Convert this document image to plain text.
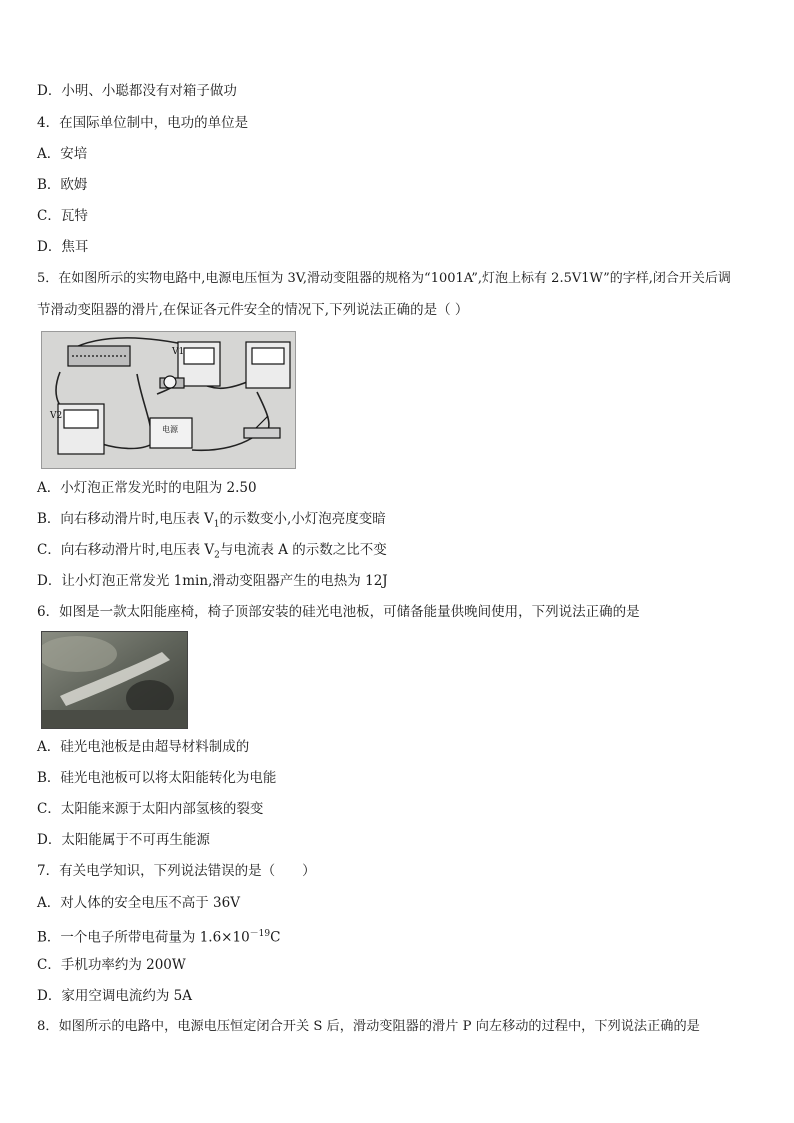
D．小明、小聪都没有对箱子做功
4．在国际单位制中，电功的单位是
A．安培
B．欧姆
C．瓦特
D．焦耳
5．在如图所示的实物电路中,电源电压恒为 3V,滑动变阻器的规格为“1001A”,灯泡上标有 2.5V1W”的字样,闭合开关后调
节滑动变阻器的滑片,在保证各元件安全的情况下,下列说法正确的是（ ）
V1
V2
电源
A．小灯泡正常发光时的电阻为 2.50
B．向右移动滑片时,电压表 $V_1$的示数变小,小灯泡亮度变暗
C．向右移动滑片时,电压表 $V_2$与电流表 A 的示数之比不变
D．让小灯泡正常发光 1min,滑动变阻器产生的电热为 12J
6．如图是一款太阳能座椅，椅子顶部安装的硅光电池板，可储备能量供晚间使用，下列说法正确的是
A．硅光电池板是由超导材料制成的
B．硅光电池板可以将太阳能转化为电能
C．太阳能来源于太阳内部氢核的裂变
D．太阳能属于不可再生能源
7．有关电学知识，下列说法错误的是（　　）
A．对人体的安全电压不高于 36V
B．一个电子所带电荷量为 $1.6\times 10^{-19}C$
C．手机功率约为 200W
D．家用空调电流约为 5A
8．如图所示的电路中，电源电压恒定闭合开关 S 后，滑动变阻器的滑片 P 向左移动的过程中，下列说法正确的是
